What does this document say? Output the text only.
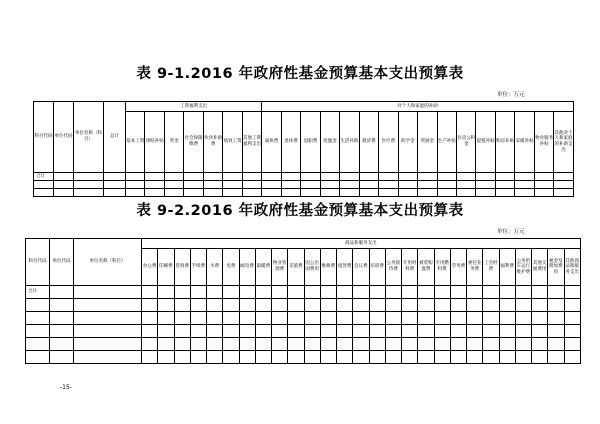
表 9-1.2016 年政府性基金预算基本支出预算表
单位：万元
科目代码	单位代码	单位名称（科目）	总计	工资福利支出							对个人和家庭的补助															
				基本工资	津贴补贴	奖金	社会保障缴费	伙食补助费	绩效工资	其他工资福利支出	离休费	退休费	退职费	抚恤金	生活补助	救济费	医疗费	助学金	奖励金	生产补贴	住房公积金	提租补贴	购房补贴	采暖补贴	物业服务补贴	其他对个人和家庭的补助支出
合计																										

表 9-2.2016 年政府性基金预算基本支出预算表
单位：万元
科目代码	单位代码	单位名称（科目）	商品和服务支出																										
			办公费	印刷费	咨询费	手续费	水费	电费	邮电费	取暖费	物业管理费	差旅费	因公出国费用	维修费	租赁费	会议费	培训费	公务接待费	专用材料费	被装购置费	专用燃料费	劳务费	委托业务费	工会经费	福利费	公务用车运行维护费	其他交通费用	税金及附加费用	其他商品和服务支出
合计																													

-15-
